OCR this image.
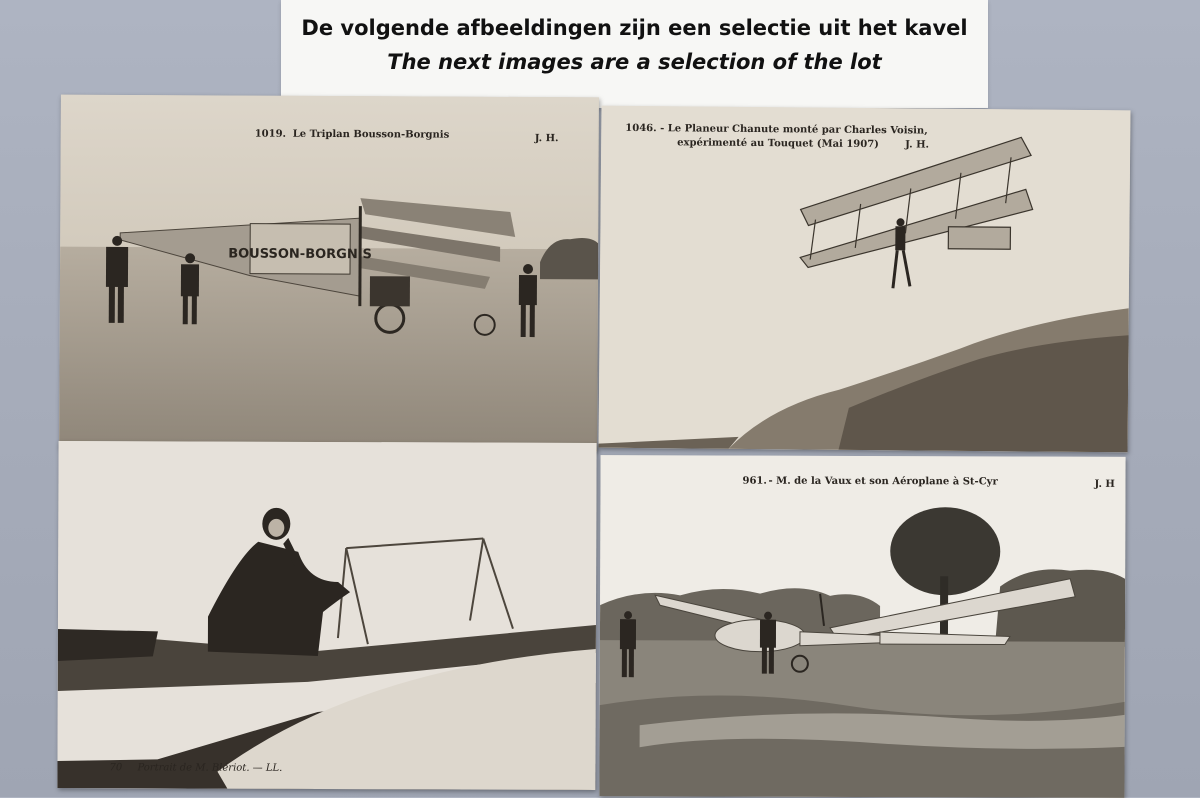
De volgende afbeeldingen zijn een selectie uit het kavel
The next images are a selection of the lot
BOUSSON-BORGNIS
1019. Le Triplan Bousson-Borgnis	J. H.
1046. - Le Planeur Chanute monté par Charles Voisin,
expérimenté au Touquet (Mai 1907)	J. H.
70 Portrait de M. Blériot. — LL.
961. - M. de la Vaux et son Aéroplane à St-Cyr	J. H
